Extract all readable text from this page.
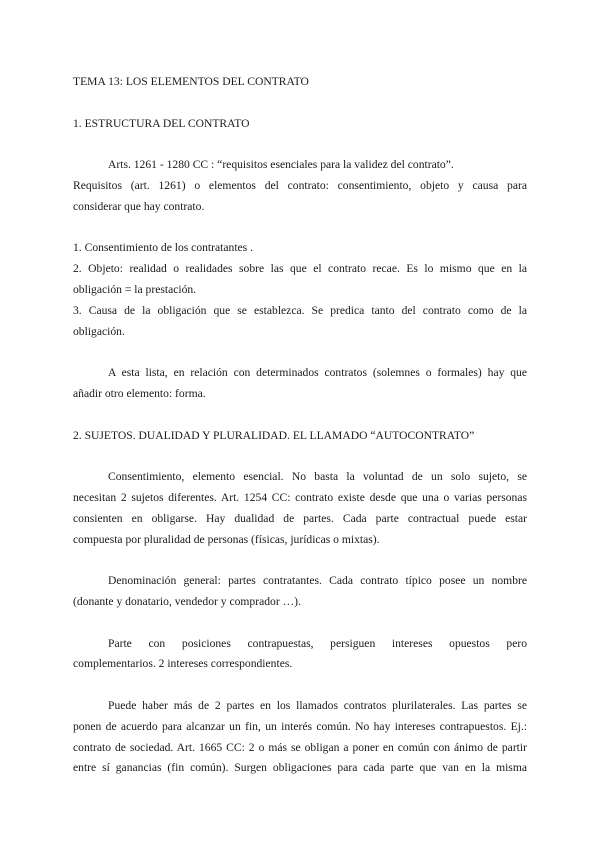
TEMA 13: LOS ELEMENTOS DEL CONTRATO
1. ESTRUCTURA DEL CONTRATO
Arts. 1261 - 1280 CC : “requisitos esenciales para la validez del contrato”.
Requisitos (art. 1261) o elementos del contrato: consentimiento, objeto y causa para
considerar que hay contrato.
1. Consentimiento de los contratantes .
2. Objeto: realidad o realidades sobre las que el contrato recae. Es lo mismo que en la
obligación = la prestación.
3. Causa de la obligación que se establezca. Se predica tanto del contrato como de la
obligación.
A esta lista, en relación con determinados contratos (solemnes o formales) hay que
añadir otro elemento: forma.
2. SUJETOS. DUALIDAD Y PLURALIDAD. EL LLAMADO “AUTOCONTRATO”
Consentimiento, elemento esencial. No basta la voluntad de un solo sujeto, se
necesitan 2 sujetos diferentes. Art. 1254 CC: contrato existe desde que una o varias personas
consienten en obligarse. Hay dualidad de partes. Cada parte contractual puede estar
compuesta por pluralidad de personas (físicas, jurídicas o mixtas).
Denominación general: partes contratantes. Cada contrato típico posee un nombre
(donante y donatario, vendedor y comprador …).
Parte con posiciones contrapuestas, persiguen intereses opuestos pero
complementarios. 2 intereses correspondientes.
Puede haber más de 2 partes en los llamados contratos plurilaterales. Las partes se
ponen de acuerdo para alcanzar un fin, un interés común. No hay intereses contrapuestos. Ej.:
contrato de sociedad. Art. 1665 CC: 2 o más se obligan a poner en común con ánimo de partir
entre sí ganancias (fin común). Surgen obligaciones para cada parte que van en la misma
